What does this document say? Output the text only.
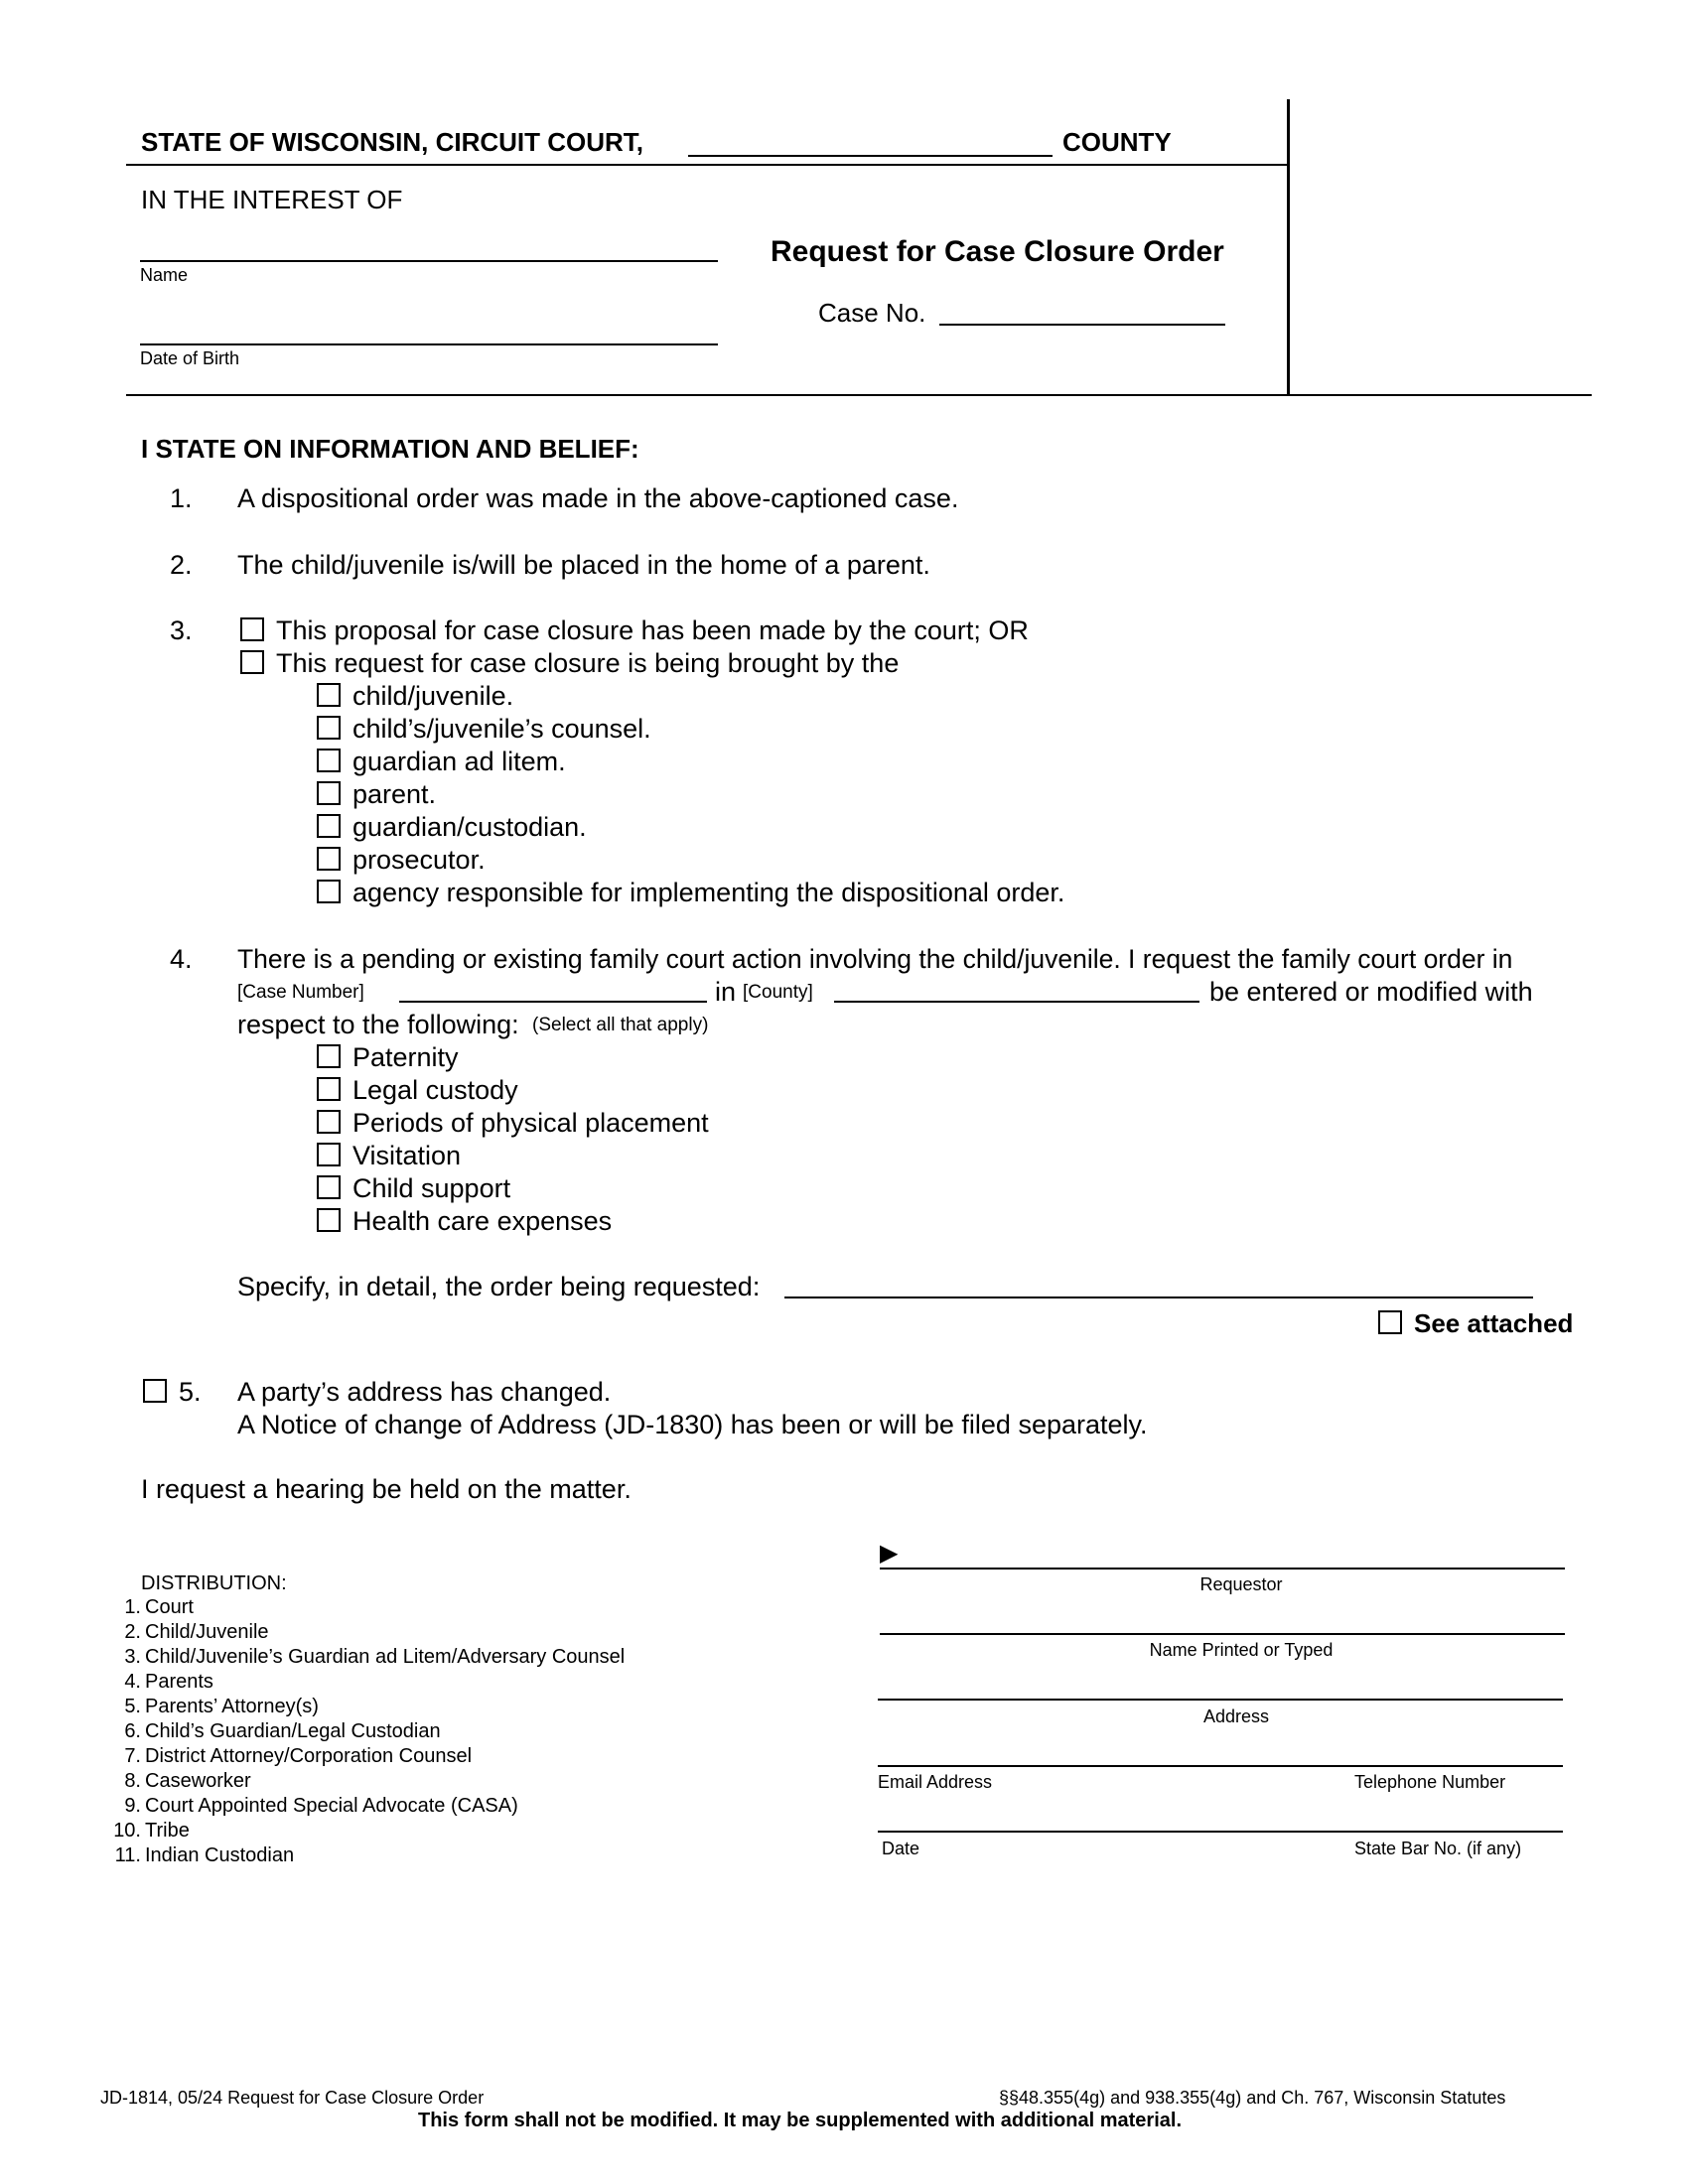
STATE OF WISCONSIN, CIRCUIT COURT,	COUNTY
IN THE INTEREST OF
Name
Date of Birth
Request for Case Closure Order
Case No.
I STATE ON INFORMATION AND BELIEF:
1. A dispositional order was made in the above-captioned case.
2. The child/juvenile is/will be placed in the home of a parent.
3.	This proposal for case closure has been made by the court; OR
This request for case closure is being brought by the
child/juvenile.
child’s/juvenile’s counsel.
guardian ad litem.
parent.
guardian/custodian.
prosecutor.
agency responsible for implementing the dispositional order.
4. There is a pending or existing family court action involving the child/juvenile. I request the family court order in
[Case Number]	in [County]	be entered or modified with
respect to the following: (Select all that apply)
Paternity
Legal custody
Periods of physical placement
Visitation
Child support
Health care expenses
Specify, in detail, the order being requested:
See attached
5. A party’s address has changed.
A Notice of change of Address (JD-1830) has been or will be filed separately.
I request a hearing be held on the matter.
DISTRIBUTION:
1. Court
2. Child/Juvenile
3. Child/Juvenile’s Guardian ad Litem/Adversary Counsel
4. Parents
5. Parents’ Attorney(s)
6. Child’s Guardian/Legal Custodian
7. District Attorney/Corporation Counsel
8. Caseworker
9. Court Appointed Special Advocate (CASA)
10. Tribe
11. Indian Custodian
▶
Requestor
Name Printed or Typed
Address
Email Address	Telephone Number
Date	State Bar No. (if any)
JD-1814, 05/24 Request for Case Closure Order	§§48.355(4g) and 938.355(4g) and Ch. 767, Wisconsin Statutes
This form shall not be modified. It may be supplemented with additional material.
